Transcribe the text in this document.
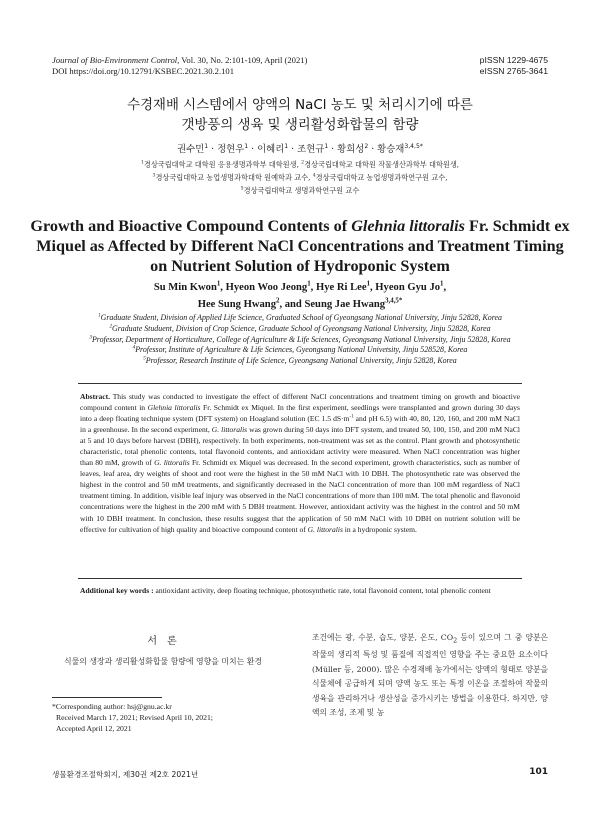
Journal of Bio-Environment Control, Vol. 30, No. 2:101-109, April (2021)
DOI https://doi.org/10.12791/KSBEC.2021.30.2.101
pISSN 1229-4675
eISSN 2765-3641
수경재배 시스템에서 양액의 NaCl 농도 및 처리시기에 따른
갯방풍의 생육 및 생리활성화합물의 함량
권수민$^1$ · 정현우$^1$ · 이혜리$^1$ · 조현규$^1$ · 황희성$^2$ · 황승재$^{3,4,5*}$
$^1$경상국립대학교 대학원 응용생명과학부 대학원생, $^2$경상국립대학교 대학원 작물생산과학부 대학원생,
$^3$경상국립대학교 농업생명과학대학 원예학과 교수, $^4$경상국립대학교 농업생명과학연구원 교수,
$^5$경상국립대학교 생명과학연구원 교수
Growth and Bioactive Compound Contents of Glehnia littoralis Fr. Schmidt ex Miquel as Affected by Different NaCl Concentrations and Treatment Timing on Nutrient Solution of Hydroponic System
Su Min Kwon$^1$, Hyeon Woo Jeong$^1$, Hye Ri Lee$^1$, Hyeon Gyu Jo$^1$,
Hee Sung Hwang$^2$, and Seung Jae Hwang$^{3,4,5*}$
$^1$Graduate Student, Division of Applied Life Science, Graduated School of Gyeongsang National University, Jinju 52828, Korea
$^2$Graduate Studuent, Division of Crop Science, Graduate School of Gyeongsang National University, Jinju 52828, Korea
$^3$Professor, Department of Horticulture, College of Agriculture & Life Sciences, Gyeongsang National University, Jinju 52828, Korea
$^4$Professor, Institute of Agriculture & Life Sciences, Gyeongsang National Univetsity, Jinju 528528, Korea
$^5$Professor, Research Institute of Life Science, Gyeongsang National University, Jinju 52828, Korea
Abstract. This study was conducted to investigate the effect of different NaCl concentrations and treatment timing on growth and bioactive compound content in Glehnia littoralis Fr. Schmidt ex Miquel. In the first experiment, seedlings were transplanted and grown during 30 days into a deep floating technique system (DFT system) on Hoagland solution (EC 1.5 $dS\cdot m^{-1}$ and pH 6.5) with 40, 80, 120, 160, and 200 mM NaCl in a greenhouse. In the second experiment, G. littoralis was grown during 50 days into DFT system, and treated 50, 100, 150, and 200 mM NaCl at 5 and 10 days before harvest (DBH), respectively. In both experiments, non-treatment was set as the control. Plant growth and photosynthetic characteristic, total phenolic contents, total flavonoid contents, and antioxidant activity were measured. When NaCl concentration was higher than 80 mM, growth of G. littoralis Fr. Schmidt ex Miquel was decreased. In the second experiment, growth characteristics, such as number of leaves, leaf area, dry weights of shoot and root were the highest in the 50 mM NaCl with 10 DBH. The photosynthetic rate was observed the highest in the control and 50 mM treatments, and significantly decreased in the NaCl concentration of more than 100 mM regardless of NaCl treatment timing. In addition, visible leaf injury was observed in the NaCl concentrations of more than 100 mM. The total phenolic and flavonoid concentrations were the highest in the 200 mM with 5 DBH treatment. However, antioxidant activity was the highest in the control and 50 mM with 10 DBH treatment. In conclusion, these results suggest that the application of 50 mM NaCl with 10 DBH on nutrient solution will be effective for cultivation of high quality and bioactive compound content of G. littoralis in a hydroponic system.
Additional key words : antioxidant activity, deep floating technique, photosynthetic rate, total flavonoid content, total phenolic content
서론
식물의 생장과 생리활성화합물 함량에 영향을 미치는 환경
조건에는 광, 수분, 습도, 양분, 온도, $CO_2$ 등이 있으며 그 중 양분은 작물의 생리적 특성 및 품질에 직접적인 영향을 주는 중요한 요소이다(Müller 등, 2000). 많은 수경재배 농가에서는 양액의 형태로 양분을 식물체에 공급하게 되며 양액 농도 또는 특정 이온을 조절하여 작물의 생육을 관리하거나 생산성을 증가시키는 방법을 이용한다. 하지만, 양액의 조성, 조제 및 농
*Corresponding author: hsj@gnu.ac.kr
Received March 17, 2021; Revised April 10, 2021;
Accepted April 12, 2021
생물환경조절학회지, 제30권 제2호 2021년	101
